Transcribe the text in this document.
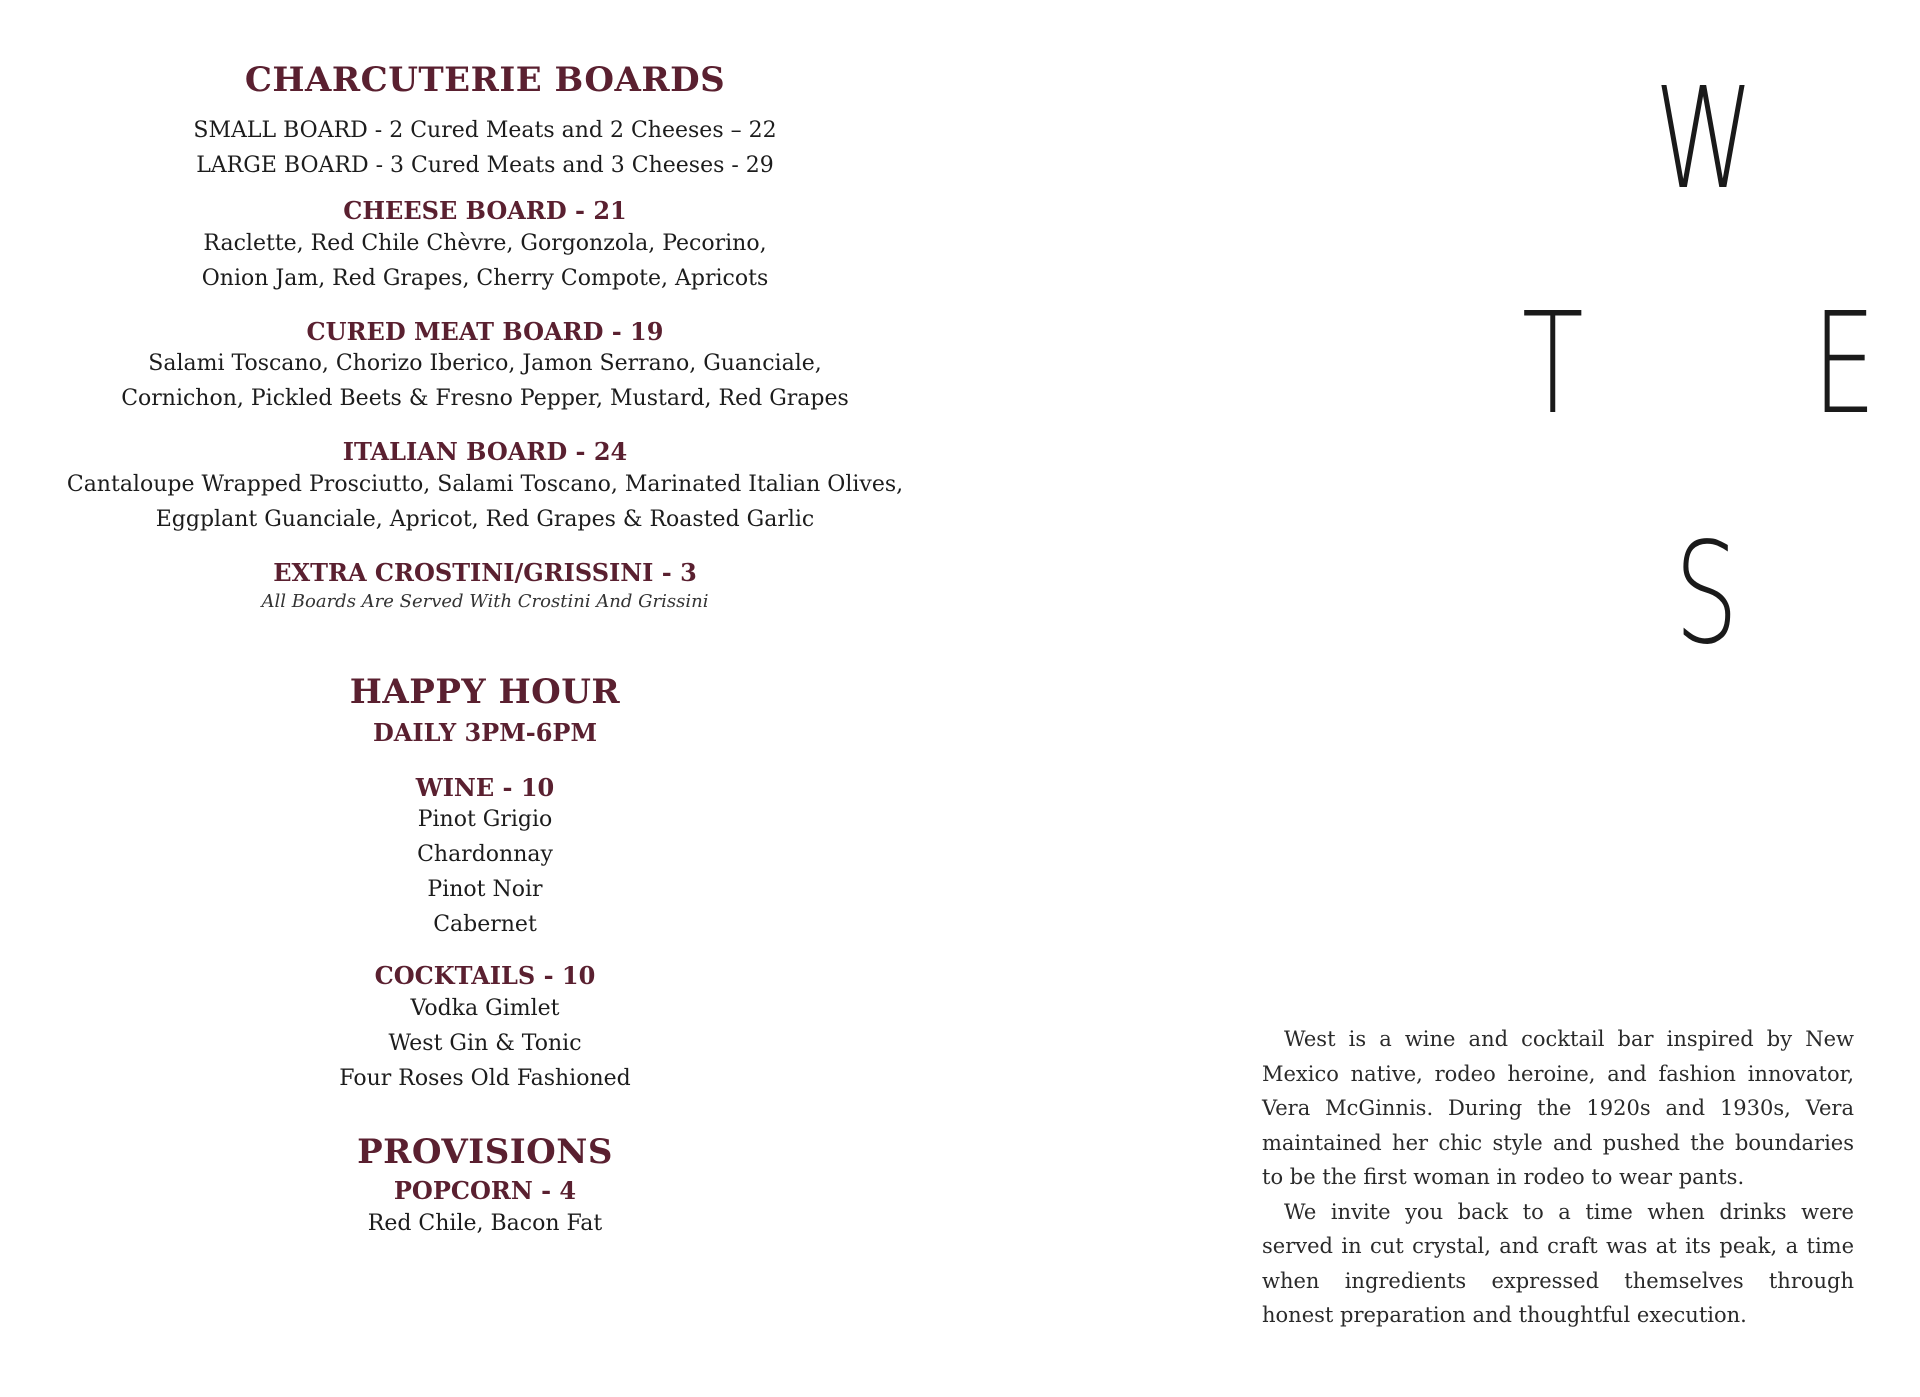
CHARCUTERIE BOARDS

SMALL BOARD - 2 Cured Meats and 2 Cheeses – 22

LARGE BOARD - 3 Cured Meats and 3 Cheeses - 29

CHEESE BOARD - 21

Raclette, Red Chile Chèvre, Gorgonzola, Pecorino,

Onion Jam, Red Grapes, Cherry Compote, Apricots

CURED MEAT BOARD - 19

Salami Toscano, Chorizo Iberico, Jamon Serrano, Guanciale,

Cornichon, Pickled Beets & Fresno Pepper, Mustard, Red Grapes

ITALIAN BOARD - 24

Cantaloupe Wrapped Prosciutto, Salami Toscano, Marinated Italian Olives,

Eggplant Guanciale, Apricot, Red Grapes & Roasted Garlic

EXTRA CROSTINI/GRISSINI - 3

All Boards Are Served With Crostini And Grissini

HAPPY HOUR
DAILY 3PM-6PM
WINE - 10

Pinot Grigio

Chardonnay

Pinot Noir

Cabernet

COCKTAILS - 10

Vodka Gimlet

West Gin & Tonic

Four Roses Old Fashioned

PROVISIONS
POPCORN - 4

Red Chile, Bacon Fat

W
T E
S

West is a wine and cocktail bar inspired by New Mexico native, rodeo heroine, and fashion innovator, Vera McGinnis. During the 1920s and 1930s, Vera maintained her chic style and pushed the boundaries to be the first woman in rodeo to wear pants.

We invite you back to a time when drinks were served in cut crystal, and craft was at its peak, a time when ingredients expressed themselves through honest preparation and thoughtful execution.
